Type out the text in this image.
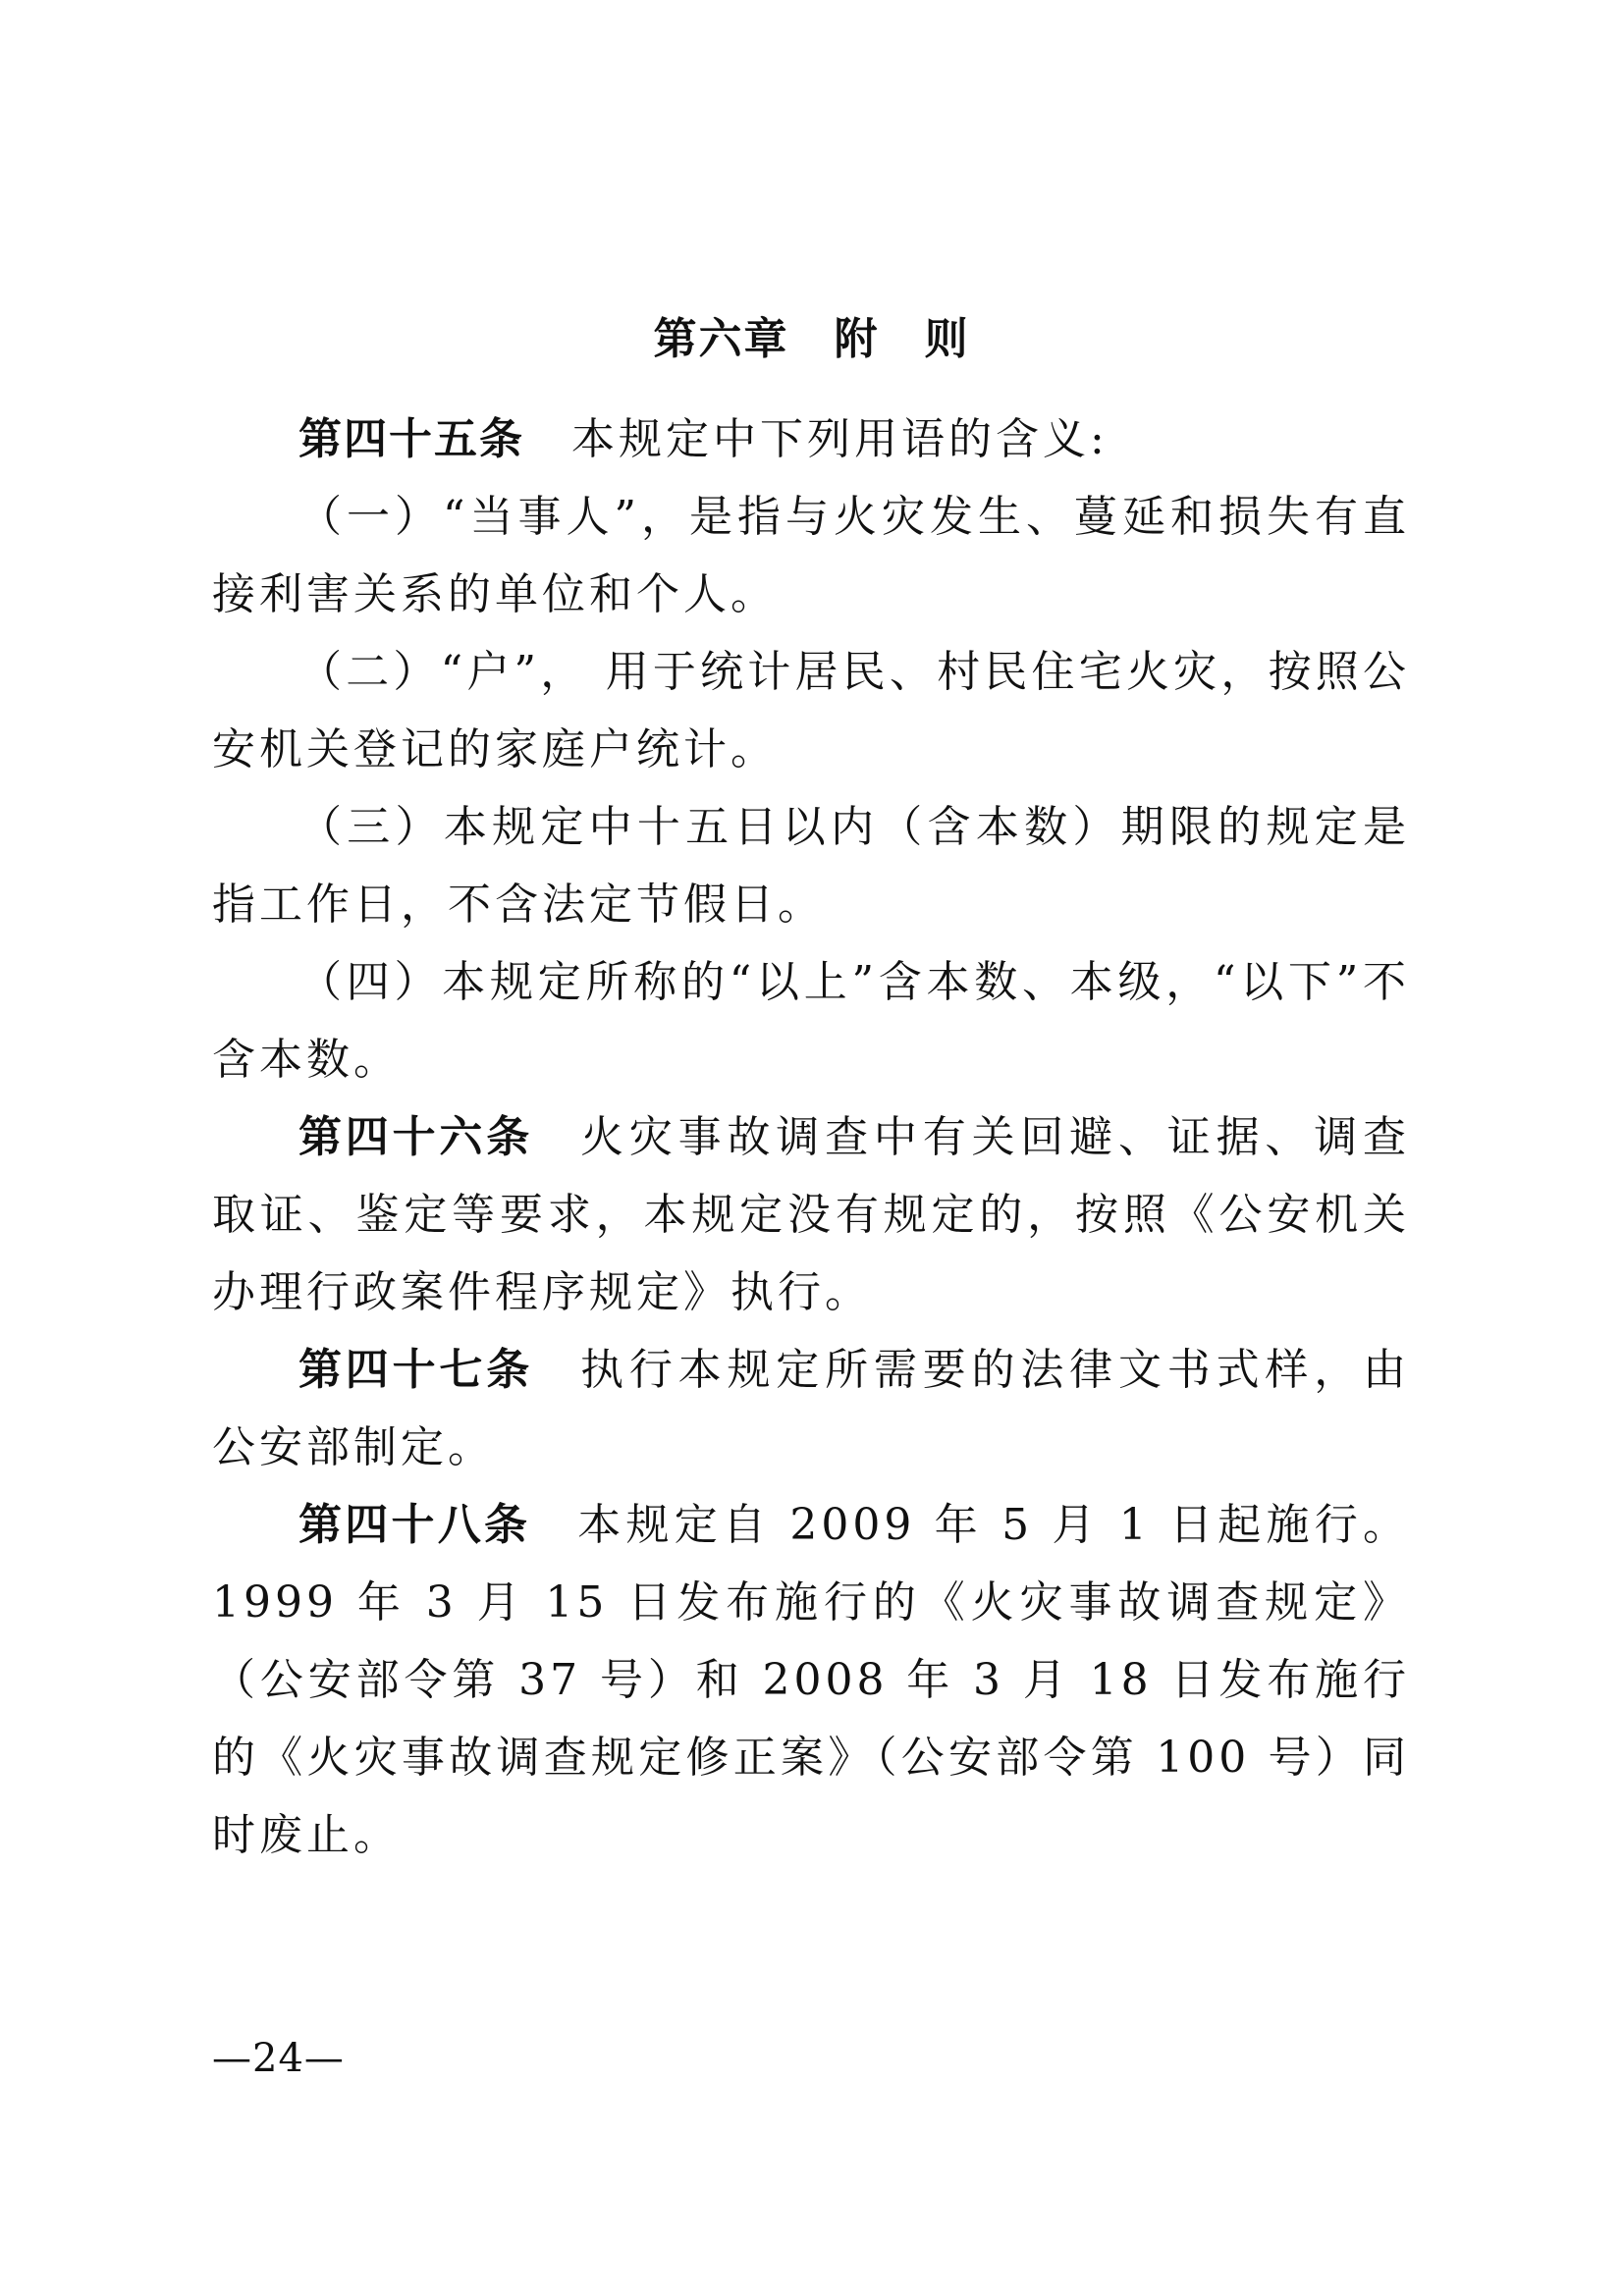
第六章　附　则

第四十五条 本规定中下列用语的含义:

（一）“当事人”，是指与火灾发生、蔓延和损失有直接利害关系的单位和个人。

（二）“户”， 用于统计居民、村民住宅火灾，按照公安机关登记的家庭户统计。

（三）本规定中十五日以内（含本数）期限的规定是指工作日，不含法定节假日。

（四）本规定所称的“以上”含本数、本级，“以下”不含本数。

第四十六条 火灾事故调查中有关回避、证据、调查取证、鉴定等要求，本规定没有规定的，按照《公安机关办理行政案件程序规定》执行。

第四十七条 执行本规定所需要的法律文书式样，由公安部制定。

第四十八条 本规定自 2009 年 5 月 1 日起施行。1999 年 3 月 15 日发布施行的《火灾事故调查规定》（公安部令第 37 号）和 2008 年 3 月 18 日发布施行的《火灾事故调查规定修正案》（公安部令第 100 号）同时废止。

—24—
